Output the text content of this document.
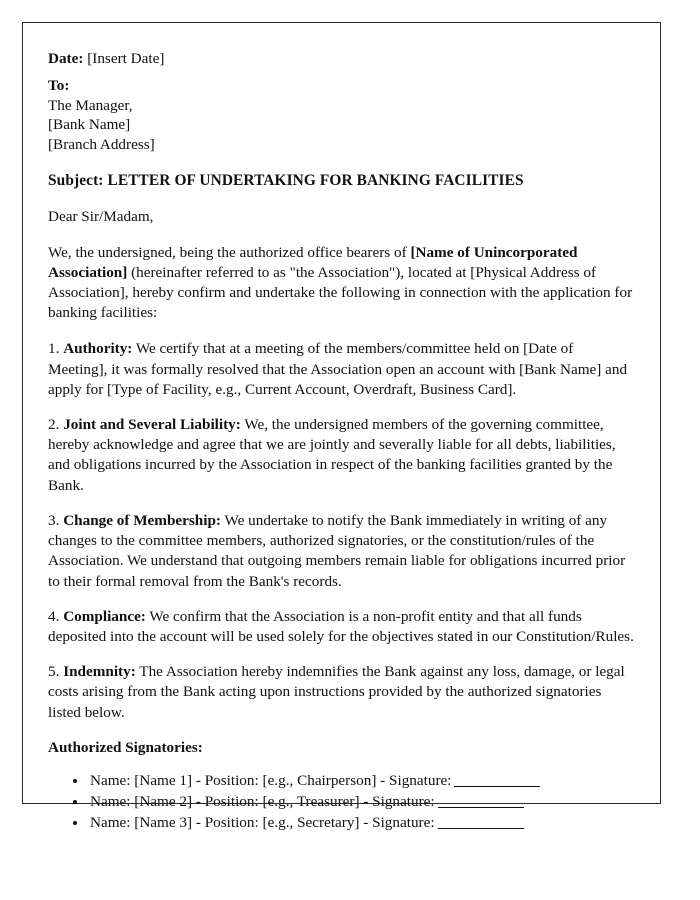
Date: [Insert Date]
To:
The Manager,
[Bank Name]
[Branch Address]
Subject: LETTER OF UNDERTAKING FOR BANKING FACILITIES
Dear Sir/Madam,

We, the undersigned, being the authorized office bearers of [Name of Unincorporated Association] (hereinafter referred to as "the Association"), located at [Physical Address of Association], hereby confirm and undertake the following in connection with the application for banking facilities:

1. Authority: We certify that at a meeting of the members/committee held on [Date of Meeting], it was formally resolved that the Association open an account with [Bank Name] and apply for [Type of Facility, e.g., Current Account, Overdraft, Business Card].

2. Joint and Several Liability: We, the undersigned members of the governing committee, hereby acknowledge and agree that we are jointly and severally liable for all debts, liabilities, and obligations incurred by the Association in respect of the banking facilities granted by the Bank.

3. Change of Membership: We undertake to notify the Bank immediately in writing of any changes to the committee members, authorized signatories, or the constitution/rules of the Association. We understand that outgoing members remain liable for obligations incurred prior to their formal removal from the Bank's records.

4. Compliance: We confirm that the Association is a non-profit entity and that all funds deposited into the account will be used solely for the objectives stated in our Constitution/Rules.

5. Indemnity: The Association hereby indemnifies the Bank against any loss, damage, or legal costs arising from the Bank acting upon instructions provided by the authorized signatories listed below.

Authorized Signatories:
• Name: [Name 1] - Position: [e.g., Chairperson] - Signature:
• Name: [Name 2] - Position: [e.g., Treasurer] - Signature:
• Name: [Name 3] - Position: [e.g., Secretary] - Signature:
